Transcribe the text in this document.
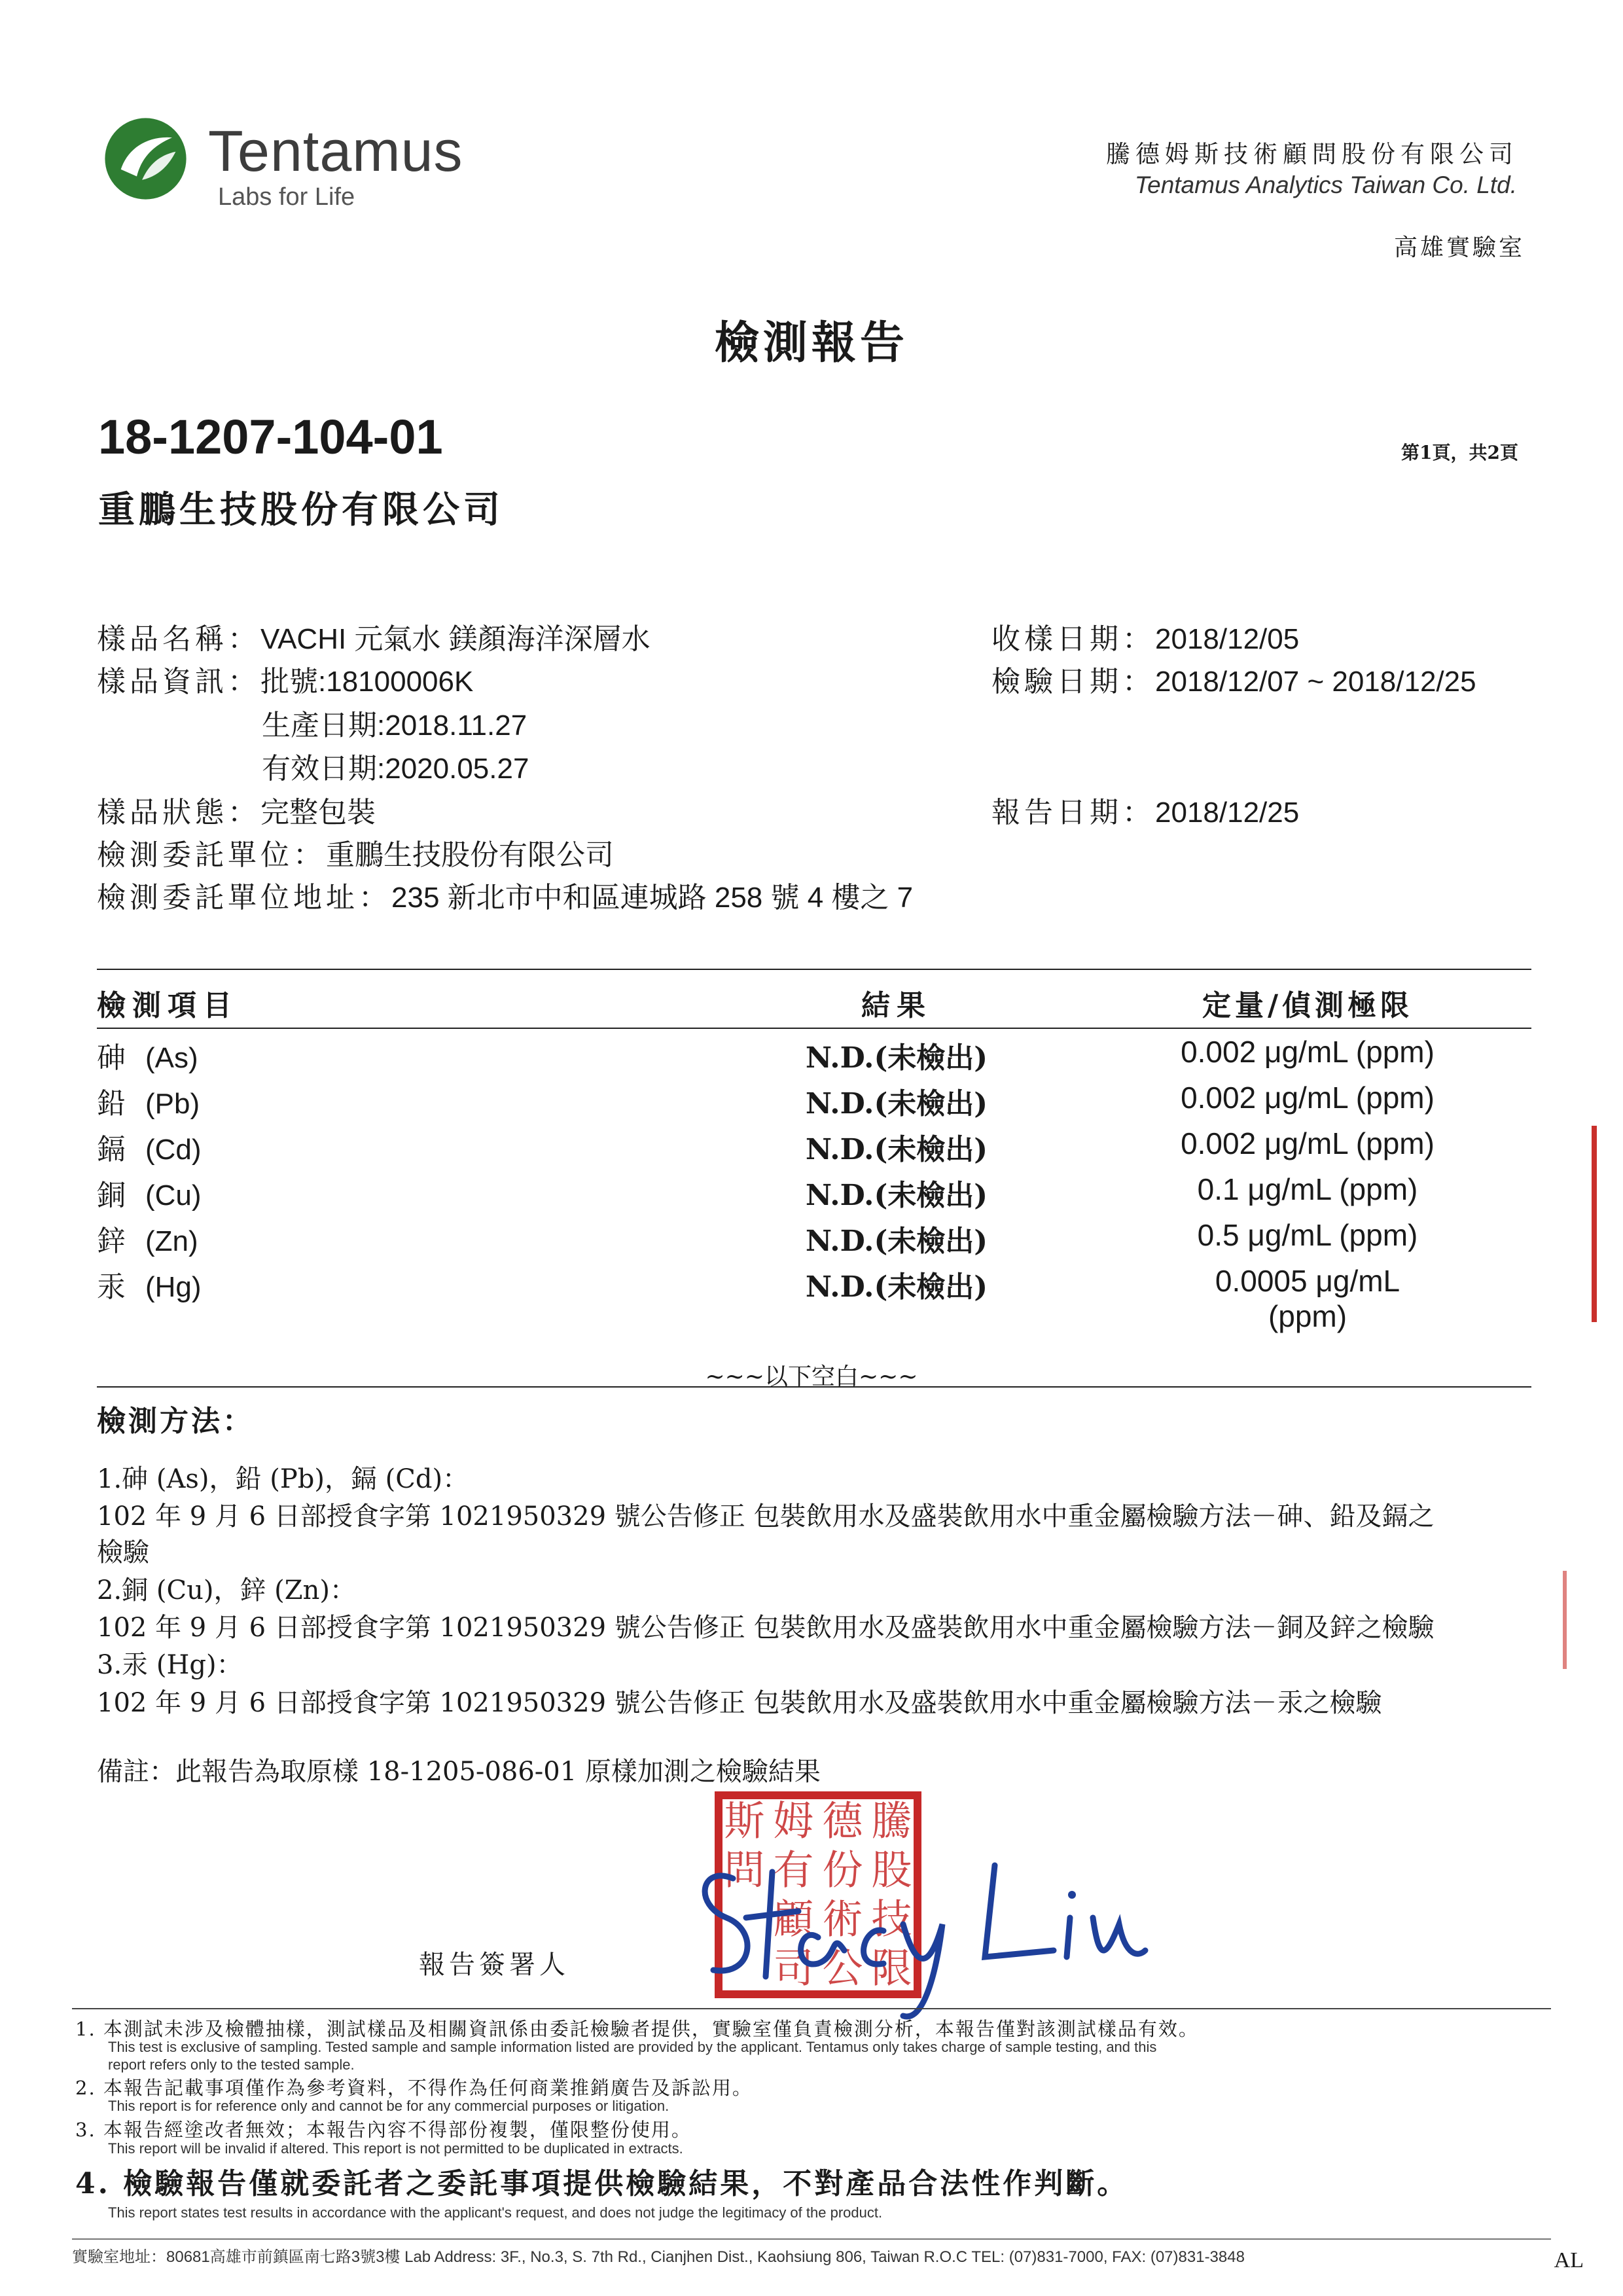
Tentamus
Labs for Life
騰德姆斯技術顧問股份有限公司
Tentamus Analytics Taiwan Co. Ltd.
高雄實驗室
檢測報告
18-1207-104-01	第1頁，共2頁
重鵬生技股份有限公司
樣品名稱：VACHI 元氣水 鎂顏海洋深層水
樣品資訊：批號:18100006K
生產日期:2018.11.27
有效日期:2020.05.27
樣品狀態：完整包裝
檢測委託單位：重鵬生技股份有限公司
檢測委託單位地址：235 新北市中和區連城路 258 號 4 樓之 7
收樣日期：2018/12/05
檢驗日期：2018/12/07 ~ 2018/12/25
報告日期：2018/12/25
檢測項目	結果	定量/偵測極限
砷 (As)	N.D.(未檢出)	0.002 μg/mL (ppm)
鉛 (Pb)	N.D.(未檢出)	0.002 μg/mL (ppm)
鎘 (Cd)	N.D.(未檢出)	0.002 μg/mL (ppm)
銅 (Cu)	N.D.(未檢出)	0.1 μg/mL (ppm)
鋅 (Zn)	N.D.(未檢出)	0.5 μg/mL (ppm)
汞 (Hg)	N.D.(未檢出)	0.0005 μg/mL (ppm)
~~~以下空白~~~
檢測方法：
1.砷 (As)，鉛 (Pb)，鎘 (Cd)：
102 年 9 月 6 日部授食字第 1021950329 號公告修正 包裝飲用水及盛裝飲用水中重金屬檢驗方法－砷、鉛及鎘之
檢驗
2.銅 (Cu)，鋅 (Zn)：
102 年 9 月 6 日部授食字第 1021950329 號公告修正 包裝飲用水及盛裝飲用水中重金屬檢驗方法－銅及鋅之檢驗
3.汞 (Hg)：
102 年 9 月 6 日部授食字第 1021950329 號公告修正 包裝飲用水及盛裝飲用水中重金屬檢驗方法－汞之檢驗
備註：此報告為取原樣 18-1205-086-01 原樣加測之檢驗結果
騰
股
技
限
德
份
術
公
姆
有
顧
司
斯
問
報告簽署人
1. 本測試未涉及檢體抽樣，測試樣品及相關資訊係由委託檢驗者提供，實驗室僅負責檢測分析，本報告僅對該測試樣品有效。
This test is exclusive of sampling. Tested sample and sample information listed are provided by the applicant. Tentamus only takes charge of sample testing, and this
report refers only to the tested sample.
2. 本報告記載事項僅作為參考資料，不得作為任何商業推銷廣告及訴訟用。
This report is for reference only and cannot be for any commercial purposes or litigation.
3. 本報告經塗改者無效；本報告內容不得部份複製，僅限整份使用。
This report will be invalid if altered. This report is not permitted to be duplicated in extracts.
4. 檢驗報告僅就委託者之委託事項提供檢驗結果，不對產品合法性作判斷。
This report states test results in accordance with the applicant's request, and does not judge the legitimacy of the product.
實驗室地址：80681高雄市前鎮區南七路3號3樓 Lab Address: 3F., No.3, S. 7th Rd., Cianjhen Dist., Kaohsiung 806, Taiwan R.O.C TEL: (07)831-7000, FAX: (07)831-3848	AL
